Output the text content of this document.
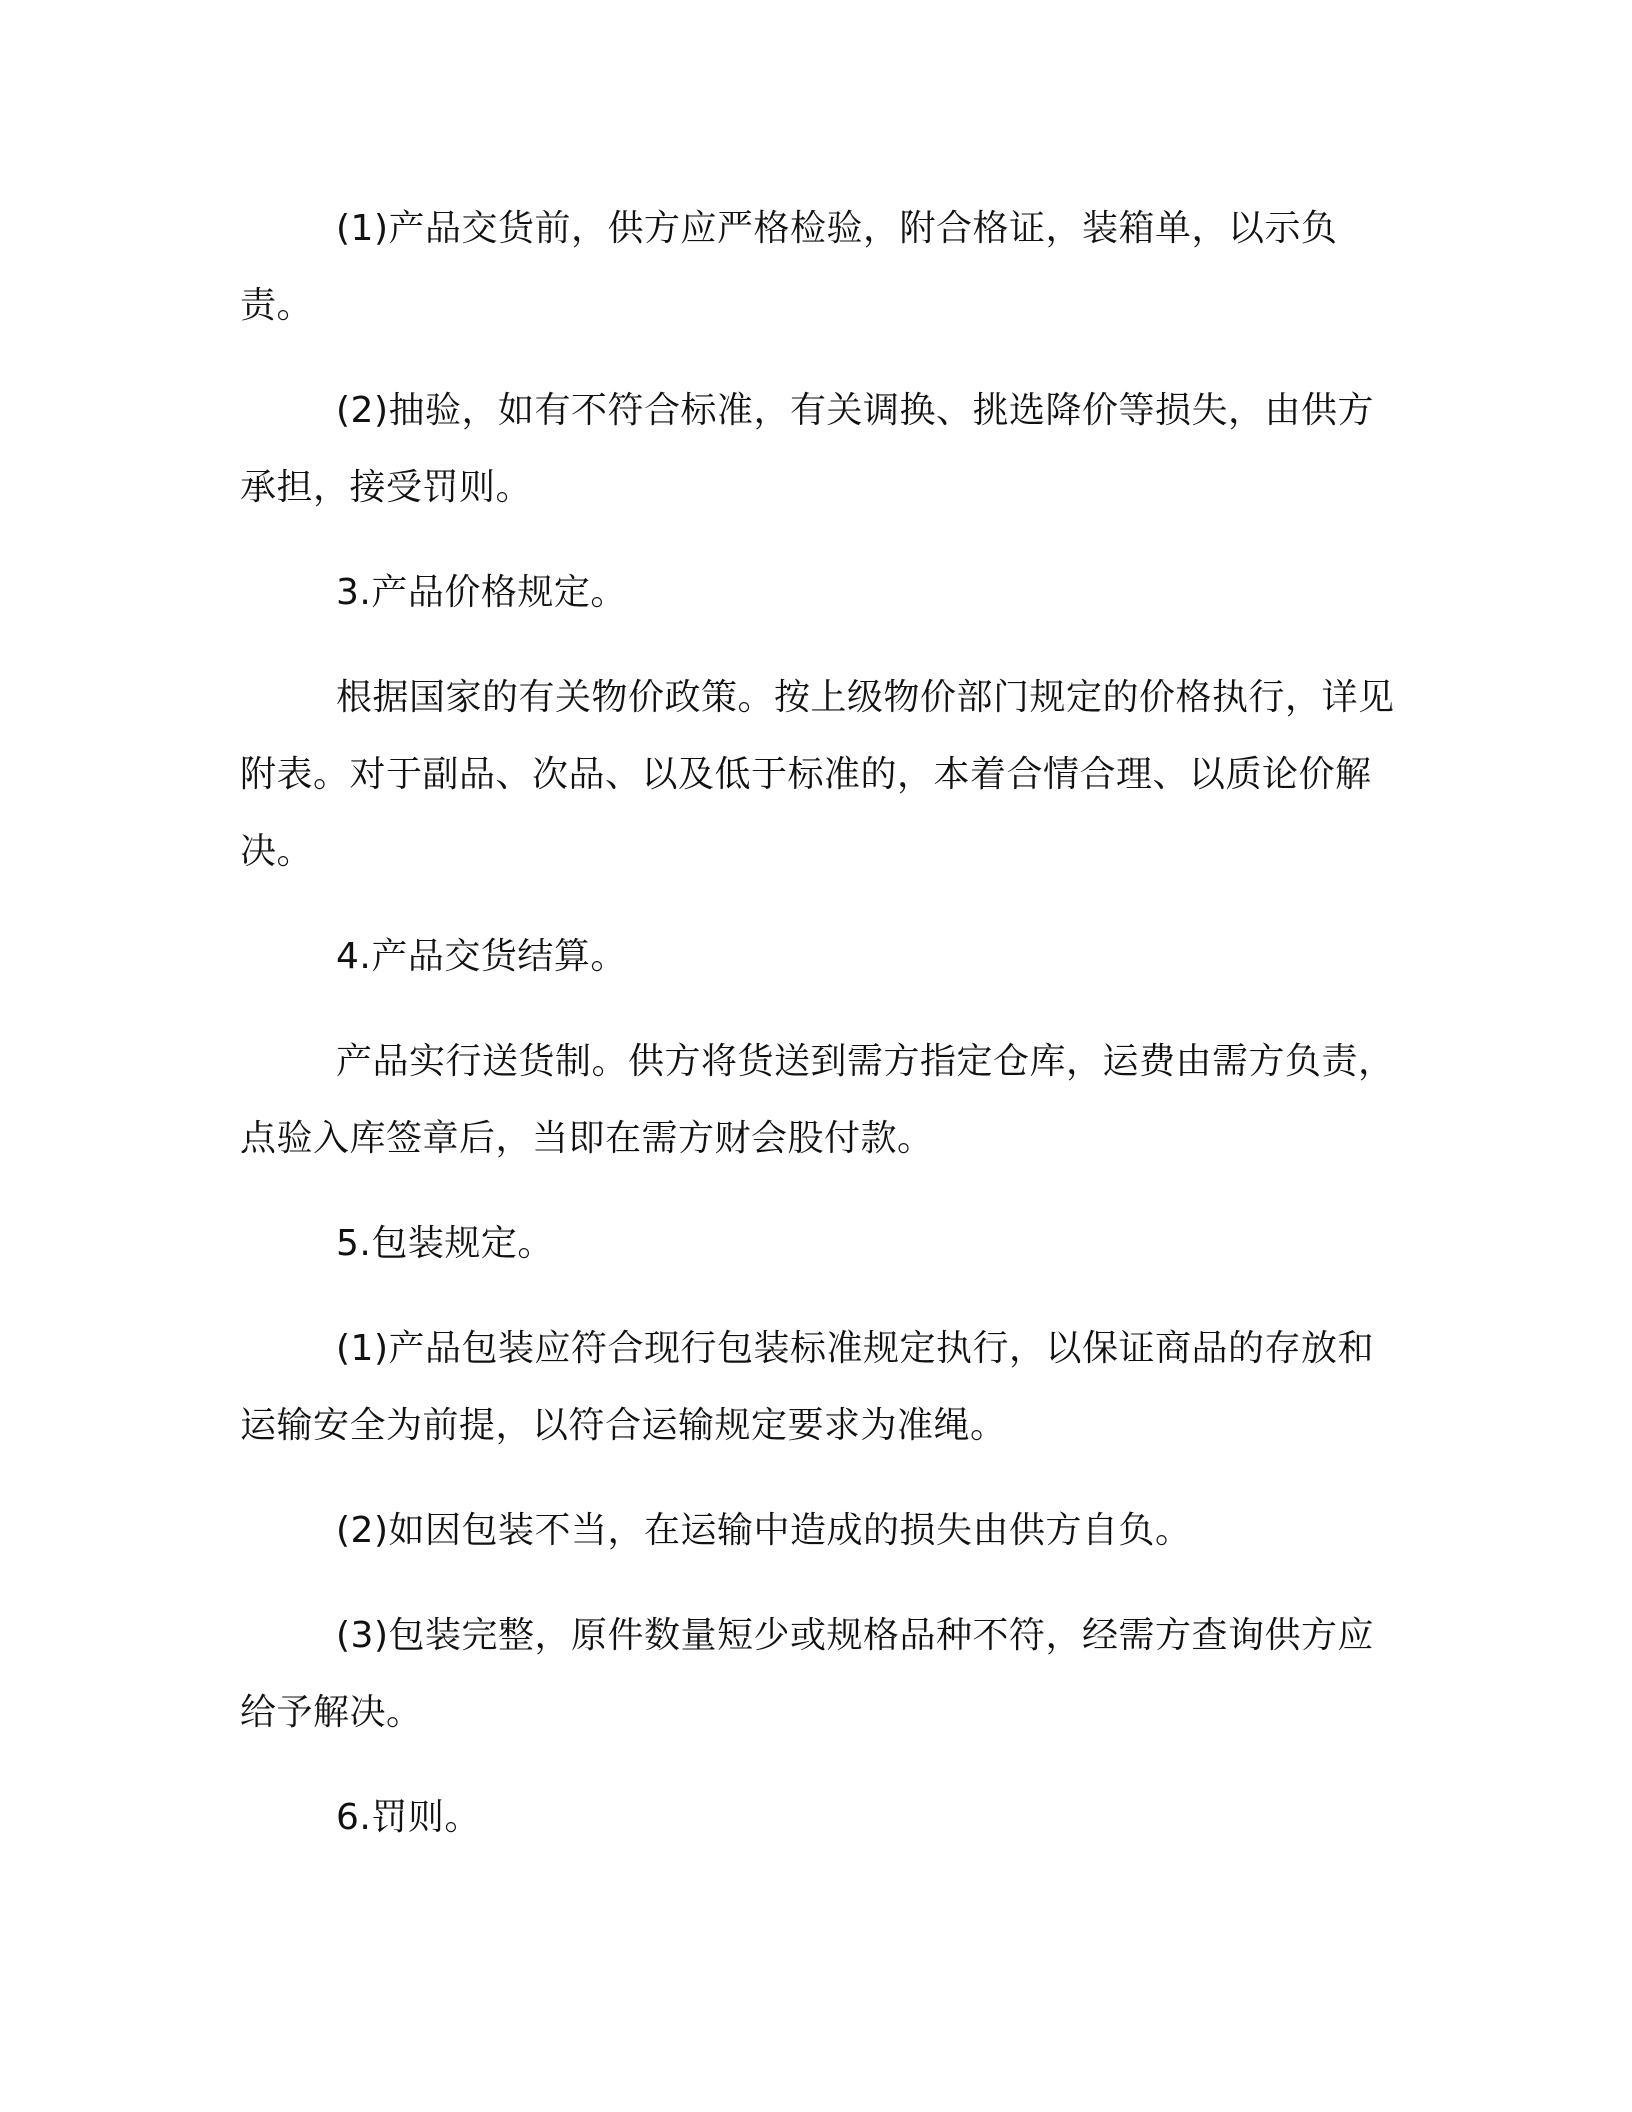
(1)产品交货前，供方应严格检验，附合格证，装箱单，以示负责。

(2)抽验，如有不符合标准，有关调换、挑选降价等损失，由供方承担，接受罚则。

3.产品价格规定。

根据国家的有关物价政策。按上级物价部门规定的价格执行，详见附表。对于副品、次品、以及低于标准的，本着合情合理、以质论价解决。

4.产品交货结算。

产品实行送货制。供方将货送到需方指定仓库，运费由需方负责，点验入库签章后，当即在需方财会股付款。

5.包装规定。

(1)产品包装应符合现行包装标准规定执行，以保证商品的存放和运输安全为前提，以符合运输规定要求为准绳。

(2)如因包装不当，在运输中造成的损失由供方自负。

(3)包装完整，原件数量短少或规格品种不符，经需方查询供方应给予解决。

6.罚则。
